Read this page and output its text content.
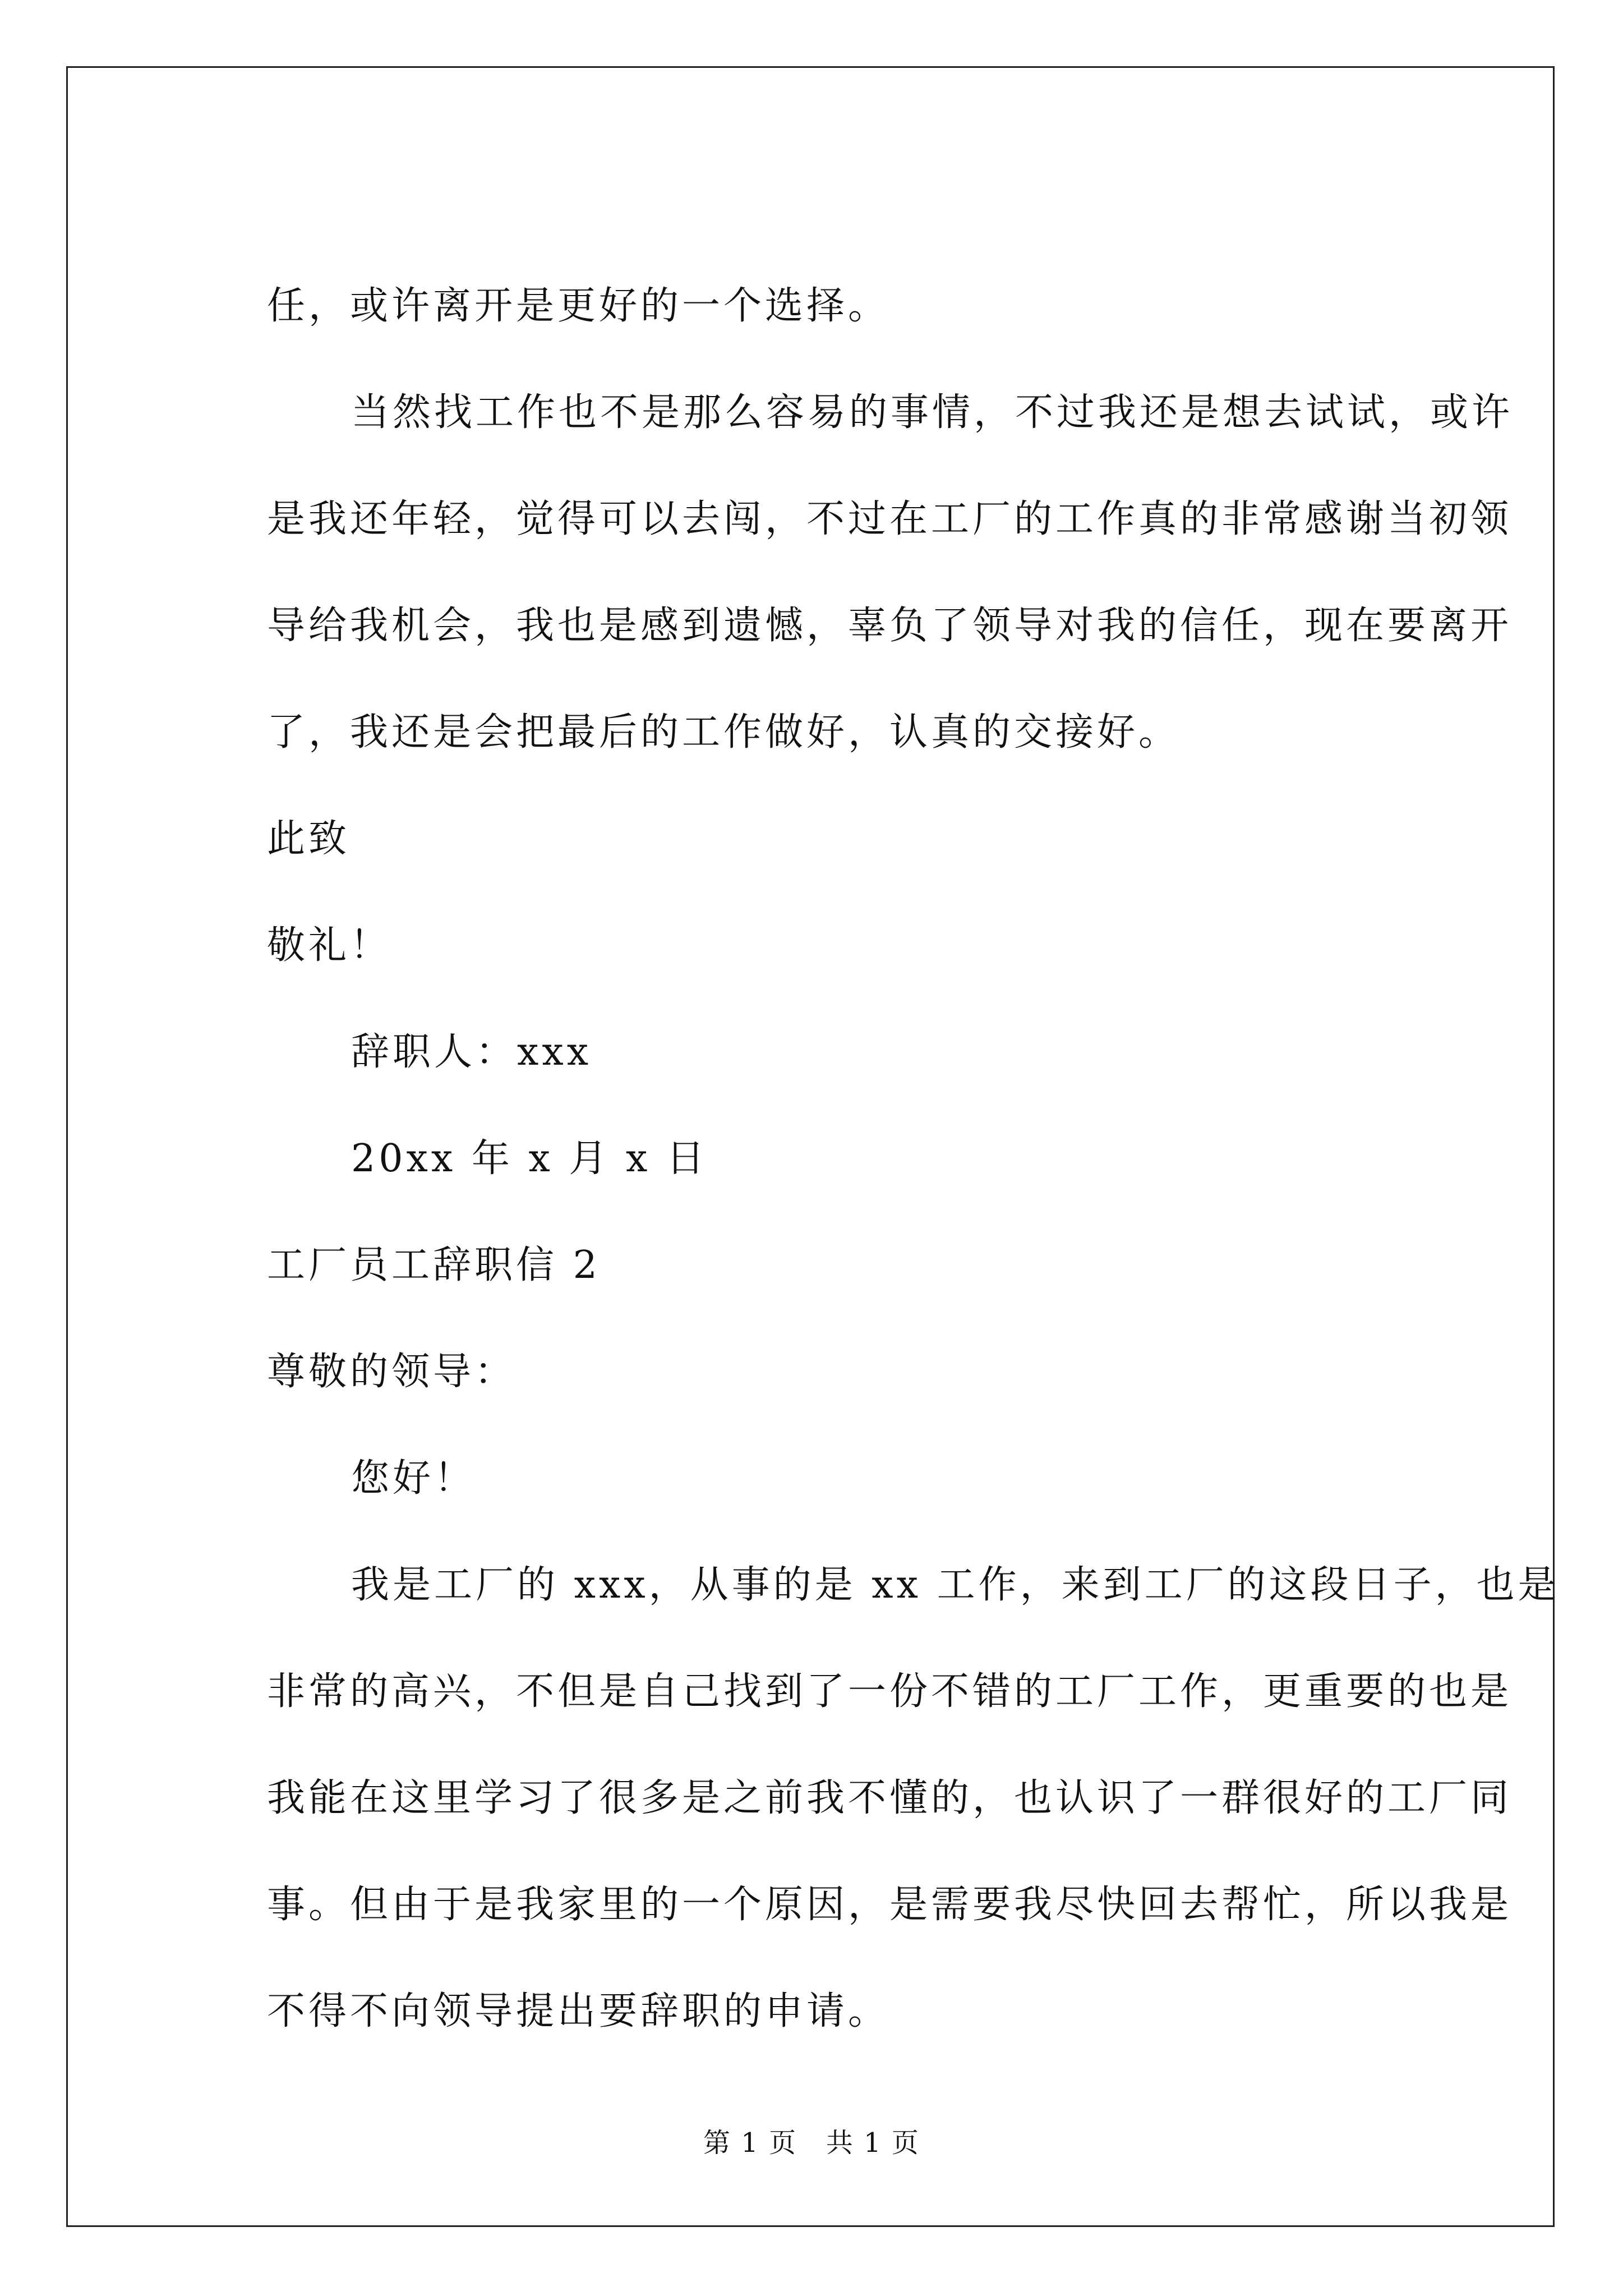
任，或许离开是更好的一个选择。
当然找工作也不是那么容易的事情，不过我还是想去试试，或许
是我还年轻，觉得可以去闯，不过在工厂的工作真的非常感谢当初领
导给我机会，我也是感到遗憾，辜负了领导对我的信任，现在要离开
了，我还是会把最后的工作做好，认真的交接好。
此致
敬礼！
辞职人：xxx
20xx 年 x 月 x 日
工厂员工辞职信 2
尊敬的领导：
您好！
我是工厂的 xxx，从事的是 xx 工作，来到工厂的这段日子，也是
非常的高兴，不但是自己找到了一份不错的工厂工作，更重要的也是
我能在这里学习了很多是之前我不懂的，也认识了一群很好的工厂同
事。但由于是我家里的一个原因，是需要我尽快回去帮忙，所以我是
不得不向领导提出要辞职的申请。
第 1 页   共 1 页
